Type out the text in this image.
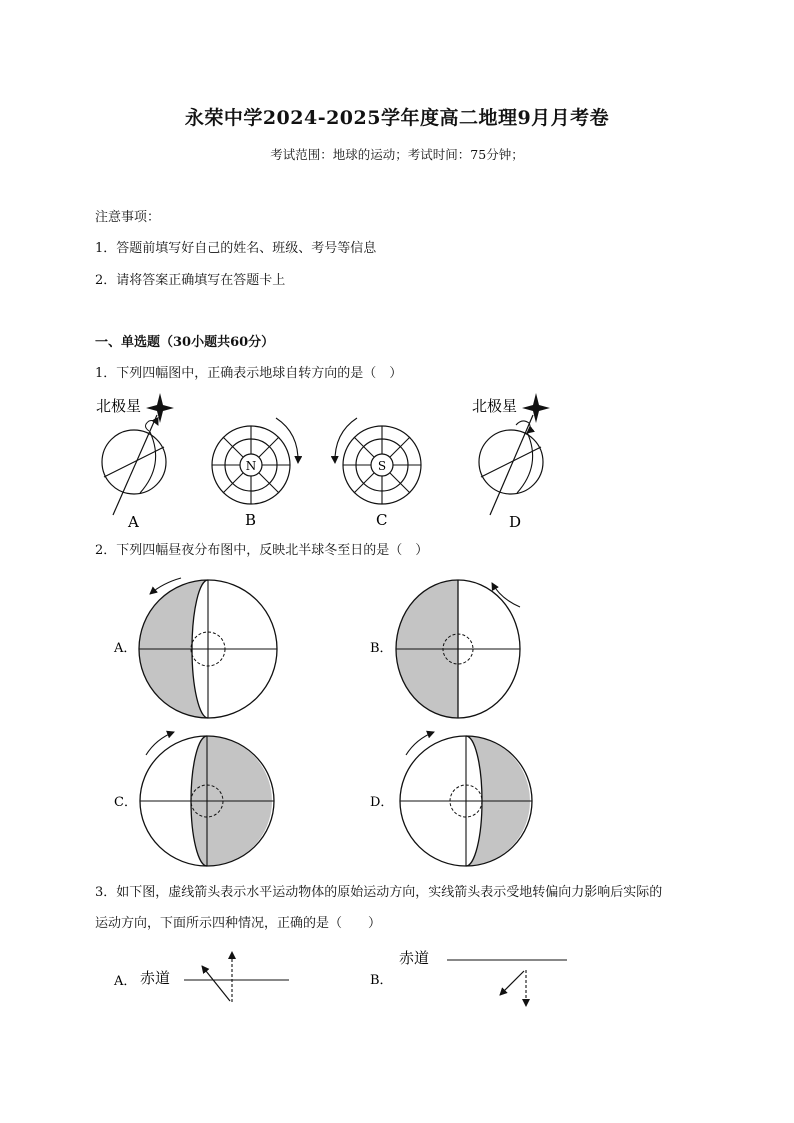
永荣中学2024-2025学年度高二地理9月月考卷
考试范围：地球的运动；考试时间：75分钟；
注意事项：
1．答题前填写好自己的姓名、班级、考号等信息
2．请将答案正确填写在答题卡上
一、单选题（30小题共60分）
1．下列四幅图中，正确表示地球自转方向的是（　）
北极星
A
N
B
S
C
北极星
D
2．下列四幅昼夜分布图中，反映北半球冬至日的是（　）
A．	B．
C．	D．
3．如下图，虚线箭头表示水平运动物体的原始运动方向，实线箭头表示受地转偏向力影响后实际的
运动方向，下面所示四种情况，正确的是（　　）
A． 赤道
赤道
B．
